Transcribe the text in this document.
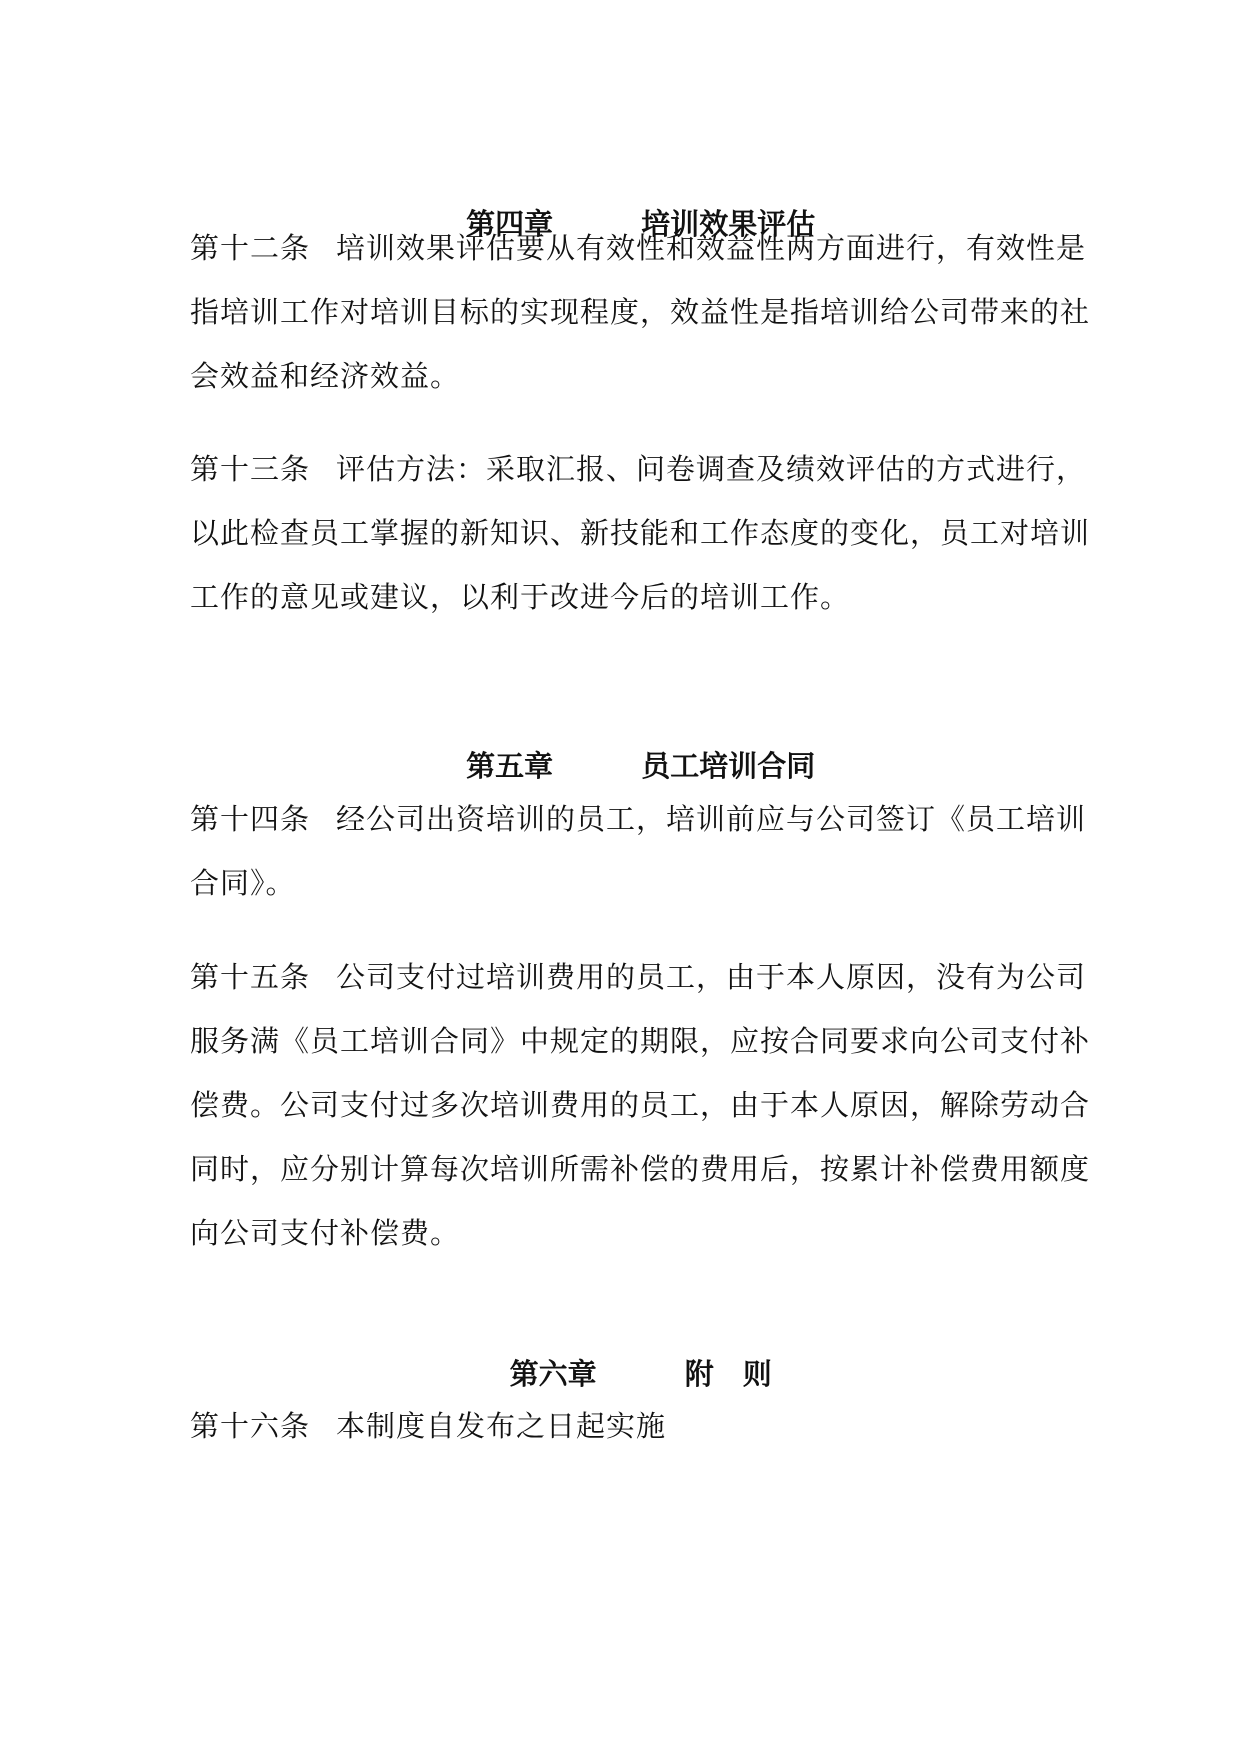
第四章	培训效果评估

第十二条 培训效果评估要从有效性和效益性两方面进行，有效性是
指培训工作对培训目标的实现程度，效益性是指培训给公司带来的社
会效益和经济效益。
第十三条 评估方法：采取汇报、问卷调查及绩效评估的方式进行，
以此检查员工掌握的新知识、新技能和工作态度的变化，员工对培训
工作的意见或建议，以利于改进今后的培训工作。

第五章	员工培训合同

第十四条 经公司出资培训的员工，培训前应与公司签订《员工培训
合同》。
第十五条 公司支付过培训费用的员工，由于本人原因，没有为公司
服务满《员工培训合同》中规定的期限，应按合同要求向公司支付补
偿费。公司支付过多次培训费用的员工，由于本人原因，解除劳动合
同时，应分别计算每次培训所需补偿的费用后，按累计补偿费用额度
向公司支付补偿费。

第六章	附　则

第十六条 本制度自发布之日起实施
